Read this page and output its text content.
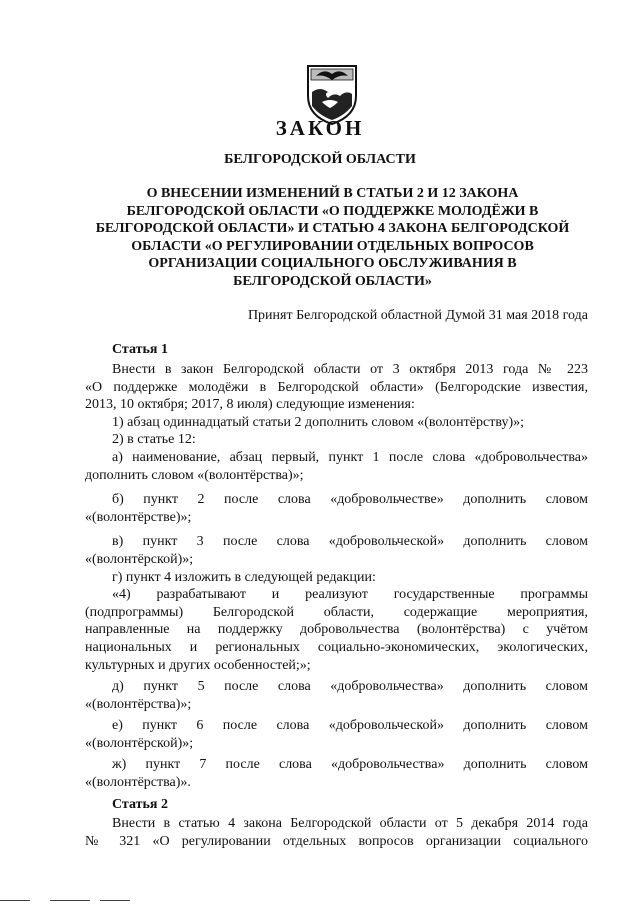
ЗАКОН
БЕЛГОРОДСКОЙ ОБЛАСТИ
О ВНЕСЕНИИ ИЗМЕНЕНИЙ В СТАТЬИ 2 И 12 ЗАКОНА
БЕЛГОРОДСКОЙ ОБЛАСТИ «О ПОДДЕРЖКЕ МОЛОДЁЖИ В
БЕЛГОРОДСКОЙ ОБЛАСТИ» И СТАТЬЮ 4 ЗАКОНА БЕЛГОРОДСКОЙ
ОБЛАСТИ «О РЕГУЛИРОВАНИИ ОТДЕЛЬНЫХ ВОПРОСОВ
ОРГАНИЗАЦИИ СОЦИАЛЬНОГО ОБСЛУЖИВАНИЯ В
БЕЛГОРОДСКОЙ ОБЛАСТИ»
Принят Белгородской областной Думой 31 мая 2018 года
Статья 1

Внести в закон Белгородской области от 3 октября 2013 года № 223

«О поддержке молодёжи в Белгородской области» (Белгородские известия,

2013, 10 октября; 2017, 8 июля) следующие изменения:

1) абзац одиннадцатый статьи 2 дополнить словом «(волонтёрству)»;

2) в статье 12:

а) наименование, абзац первый, пункт 1 после слова «добровольчества»

дополнить словом «(волонтёрства)»;

б) пункт 2 после слова «добровольчестве» дополнить словом

«(волонтёрстве)»;

в) пункт 3 после слова «добровольческой» дополнить словом

«(волонтёрской)»;

г) пункт 4 изложить в следующей редакции:

«4) разрабатывают и реализуют государственные программы

(подпрограммы) Белгородской области, содержащие мероприятия,

направленные на поддержку добровольчества (волонтёрства) с учётом

национальных и региональных социально-экономических, экологических,

культурных и других особенностей;»;

д) пункт 5 после слова «добровольчества» дополнить словом

«(волонтёрства)»;

е) пункт 6 после слова «добровольческой» дополнить словом

«(волонтёрской)»;

ж) пункт 7 после слова «добровольчества» дополнить словом

«(волонтёрства)».

Статья 2

Внести в статью 4 закона Белгородской области от 5 декабря 2014 года

№ 321 «О регулировании отдельных вопросов организации социального
